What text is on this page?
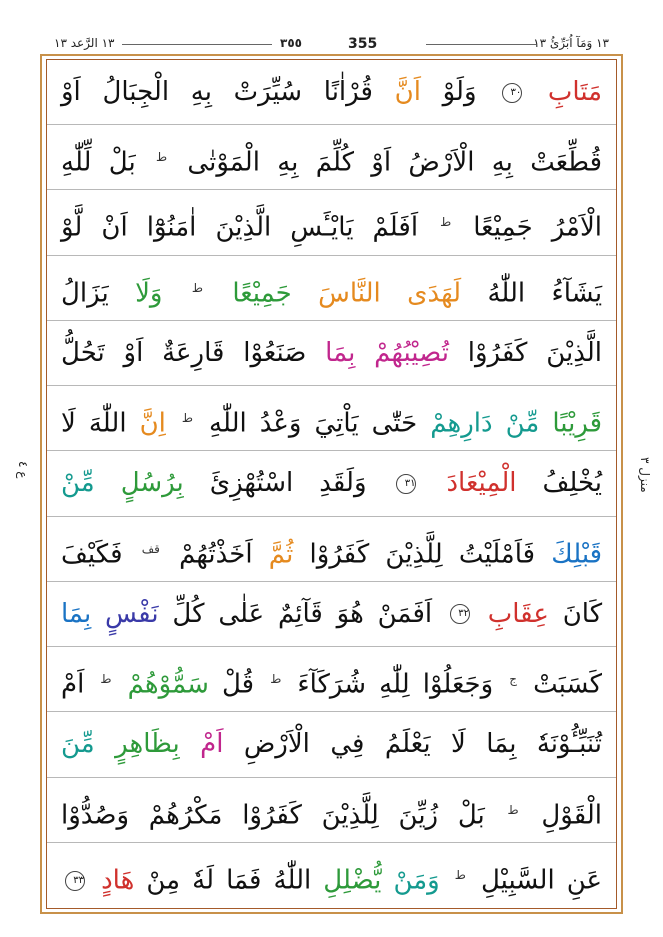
١٣ الرَّعد ١٣	٣٥٥	355	١٣ وَمَآ اُبَرِّئُ ١٣
ع ٤
منزل ٣
مَتَابِ ٣٠ وَلَوْ اَنَّ قُرْاٰنًا سُيِّرَتْ بِهِ الْجِبَالُ اَوْ
قُطِّعَتْ بِهِ الْاَرْضُ اَوْ كُلِّمَ بِهِ الْمَوْتٰى $^ط$ بَلْ لِّلّٰهِ
الْاَمْرُ جَمِيْعًا $^ط$ اَفَلَمْ يَايْـَٔسِ الَّذِيْنَ اٰمَنُوْٓا اَنْ لَّوْ
يَشَآءُ اللّٰهُ لَهَدَى النَّاسَ جَمِيْعًا $^ط$ وَلَا يَزَالُ
الَّذِيْنَ كَفَرُوْا تُصِيْبُهُمْ بِمَا صَنَعُوْا قَارِعَةٌ اَوْ تَحُلُّ
قَرِيْبًا مِّنْ دَارِهِمْ حَتّٰى يَاْتِيَ وَعْدُ اللّٰهِ $^ط$ اِنَّ اللّٰهَ لَا
يُخْلِفُ الْمِيْعَادَ ٣١ وَلَقَدِ اسْتُهْزِئَ بِرُسُلٍ مِّنْ
قَبْلِكَ فَاَمْلَيْتُ لِلَّذِيْنَ كَفَرُوْا ثُمَّ اَخَذْتُهُمْ $^{قف}$ فَكَيْفَ
كَانَ عِقَابِ ٣٢ اَفَمَنْ هُوَ قَآئِمٌ عَلٰى كُلِّ نَفْسٍ بِمَا
كَسَبَتْ $^ج$ وَجَعَلُوْا لِلّٰهِ شُرَكَآءَ $^ط$ قُلْ سَمُّوْهُمْ $^ط$ اَمْ
تُنَبِّـُٔوْنَهٗ بِمَا لَا يَعْلَمُ فِي الْاَرْضِ اَمْ بِظَاهِرٍ مِّنَ
الْقَوْلِ $^ط$ بَلْ زُيِّنَ لِلَّذِيْنَ كَفَرُوْا مَكْرُهُمْ وَصُدُّوْا
عَنِ السَّبِيْلِ $^ط$ وَمَنْ يُّضْلِلِ اللّٰهُ فَمَا لَهٗ مِنْ هَادٍ ٣٣
